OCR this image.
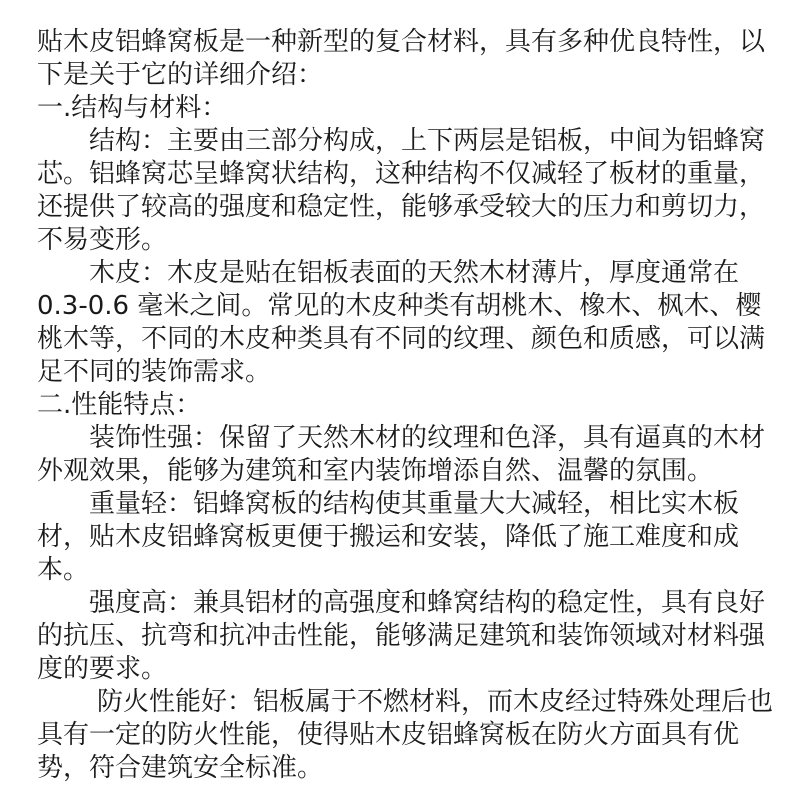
贴木皮铝蜂窝板是一种新型的复合材料，具有多种优良特性，以下是关于它的详细介绍：

一.结构与材料：

结构：主要由三部分构成，上下两层是铝板，中间为铝蜂窝芯。铝蜂窝芯呈蜂窝状结构，这种结构不仅减轻了板材的重量，还提供了较高的强度和稳定性，能够承受较大的压力和剪切力，不易变形。

木皮：木皮是贴在铝板表面的天然木材薄片，厚度通常在 0.3-0.6 毫米之间。常见的木皮种类有胡桃木、橡木、枫木、樱桃木等，不同的木皮种类具有不同的纹理、颜色和质感，可以满足不同的装饰需求。

二.性能特点：

装饰性强：保留了天然木材的纹理和色泽，具有逼真的木材外观效果，能够为建筑和室内装饰增添自然、温馨的氛围。

重量轻：铝蜂窝板的结构使其重量大大减轻，相比实木板材，贴木皮铝蜂窝板更便于搬运和安装，降低了施工难度和成本。

强度高：兼具铝材的高强度和蜂窝结构的稳定性，具有良好的抗压、抗弯和抗冲击性能，能够满足建筑和装饰领域对材料强度的要求。

防火性能好：铝板属于不燃材料，而木皮经过特殊处理后也具有一定的防火性能，使得贴木皮铝蜂窝板在防火方面具有优势，符合建筑安全标准。
